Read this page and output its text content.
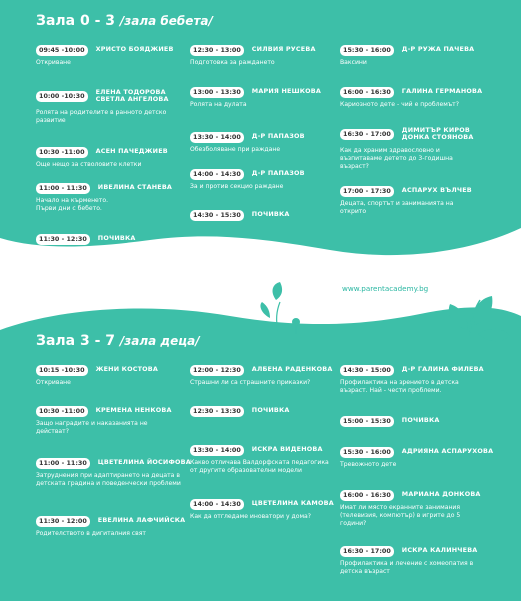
Зала 0 - 3 /зала бебета/
09:45 -10:00	ХРИСТО БОЯДЖИЕВ
Откриване
10:00 -10:30	ЕЛЕНА ТОДОРОВА СВЕТЛА АНГЕЛОВА
Ролята на родителите в ранното детско развитие
10:30 -11:00	АСЕН ПАЧЕДЖИЕВ
Още нещо за стволовите клетки
11:00 - 11:30	ИВЕЛИНА СТАНЕВА
Начало на кърменето. Първи дни с бебето.
11:30 - 12:30	ПОЧИВКА
12:30 - 13:00	СИЛВИЯ РУСЕВА
Подготовка за раждането
13:00 - 13:30	МАРИЯ НЕШКОВА
Ролята на дулата
13:30 - 14:00	Д-Р ПАПАЗОВ
Обезболяване при раждане
14:00 - 14:30	Д-Р ПАПАЗОВ
За и против секцио раждане
14:30 - 15:30	ПОЧИВКА
15:30 - 16:00	Д-Р РУЖА ПАЧЕВА
Ваксини
16:00 - 16:30	ГАЛИНА ГЕРМАНОВА
Кариозното дете - чий е проблемът?
16:30 - 17:00	ДИМИТЪР КИРОВ ДОНКА СТОЯНОВА
Как да храним здравословно и възпитаваме детето до 3-годишна възраст?
17:00 - 17:30	АСПАРУХ ВЪЛЧЕВ
Децата, спортът и заниманията на открито
www.parentacademy.bg
Зала 3 - 7 /зала деца/
10:15 -10:30	ЖЕНИ КОСТОВА
Откриване
10:30 -11:00	КРЕМЕНА НЕНКОВА
Защо наградите и наказанията не действат?
11:00 - 11:30	ЦВЕТЕЛИНА ЙОСИФОВА
Затруднения при адаптирането на децата в детската градина и поведенчески проблеми
11:30 - 12:00	ЕВЕЛИНА ЛАФЧИЙСКА
Родителството в дигиталния свят
12:00 - 12:30	АЛБЕНА РАДЕНКОВА
Страшни ли са страшните приказки?
12:30 - 13:30	ПОЧИВКА
13:30 - 14:00	ИСКРА ВИДЕНОВА
Какво отличава Валдорфската педагогика от другите образователни модели
14:00 - 14:30	ЦВЕТЕЛИНА КАМОВА
Как да отгледаме иноватори у дома?
14:30 - 15:00	Д-Р ГАЛИНА ФИЛЕВА
Профилактика на зрението в детска възраст. Най - чести проблеми.
15:00 - 15:30	ПОЧИВКА
15:30 - 16:00	АДРИЯНА АСПАРУХОВА
Тревожното дете
16:00 - 16:30	МАРИАНА ДОНКОВА
Имат ли място екранните занимания (телевизия, компютър) в игрите до 5 години?
16:30 - 17:00	ИСКРА КАЛИНЧЕВА
Профилактика и лечение с хомеопатия в детска възраст
